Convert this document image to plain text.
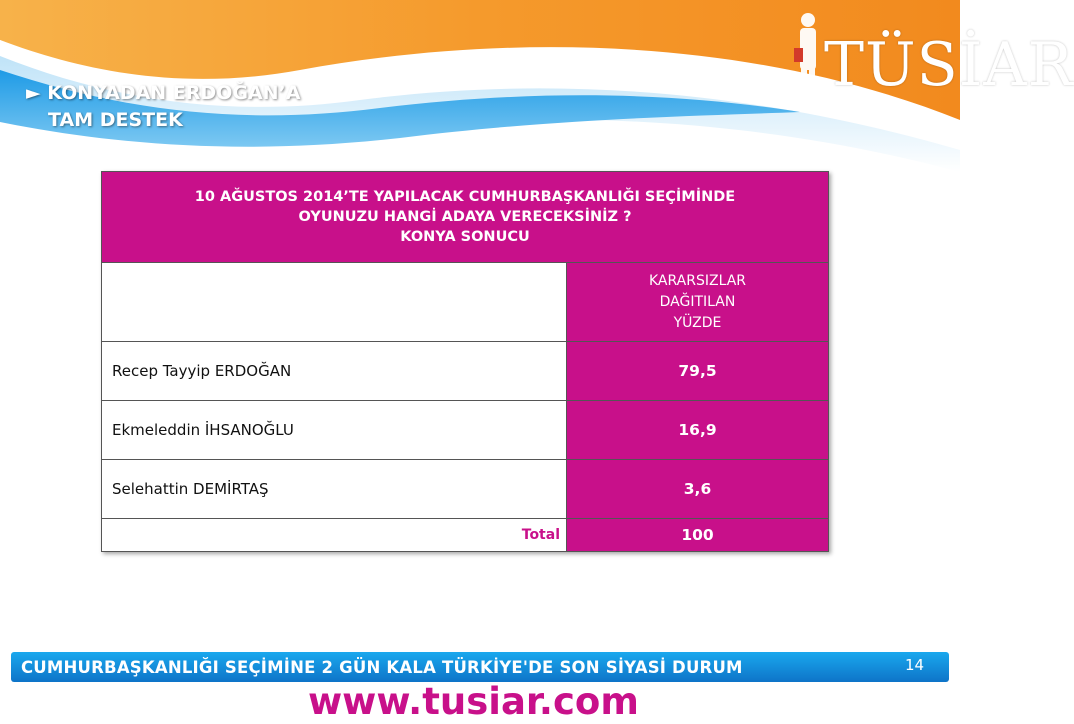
► KONYADAN ERDOĞAN’A
TAM DESTEK
TÜSİAR
10 AĞUSTOS 2014’TE YAPILACAK CUMHURBAŞKANLIĞI SEÇİMİNDE
OYUNUZU HANGİ ADAYA VERECEKSİNİZ ?
KONYA SONUCU	

	KARARSIZLAR
DAĞITILAN
YÜZDE

Recep Tayyip ERDOĞAN	79,5
Ekmeleddin İHSANOĞLU	16,9
Selehattin DEMİRTAŞ	3,6
Total	100
CUMHURBAŞKANLIĞI SEÇİMİNE 2 GÜN KALA TÜRKİYE'DE SON SİYASİ DURUM	14
www.tusiar.com
